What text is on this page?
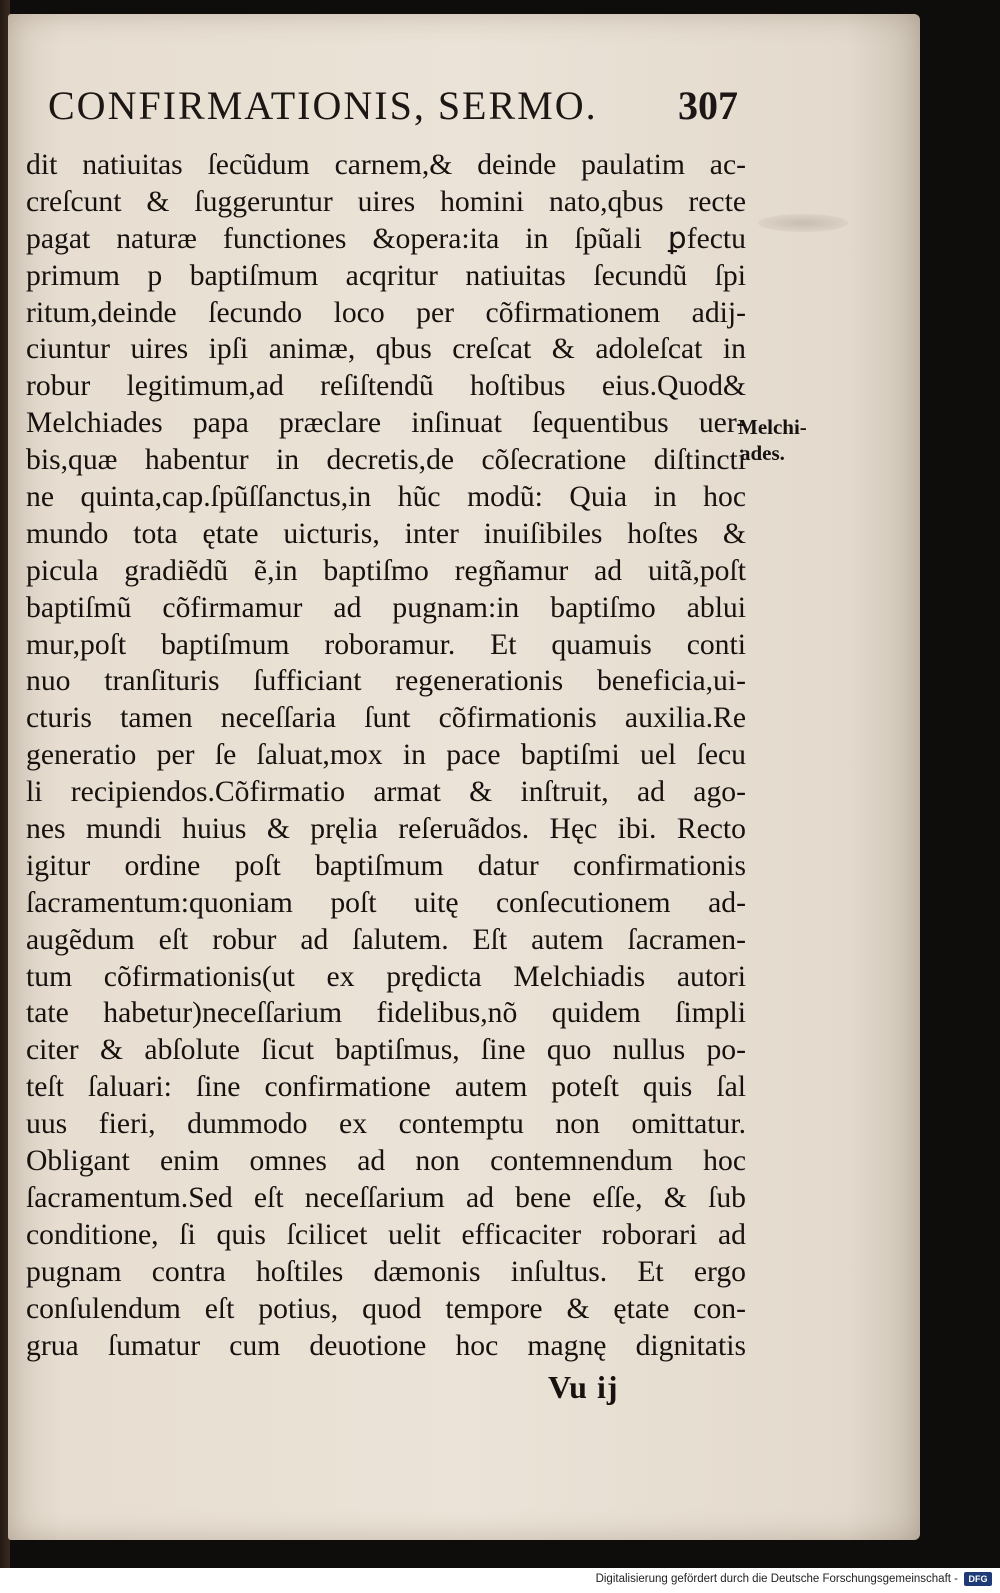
CONFIRMATIONIS, SERMO. 307
dit natiuitas ſecũdum carnem,& deinde paulatim ac-
creſcunt & ſuggeruntur uires homini nato,qbus recte
pagat naturæ functiones &opera:ita in ſpũali ꝑfectu
primum p baptiſmum acqritur natiuitas ſecundũ ſpi
ritum,deinde ſecundo loco per cõfirmationem adij-
ciuntur uires ipſi animæ, qbus creſcat & adoleſcat in
robur legitimum,ad reſiſtendũ hoſtibus eius.Quod&
Melchiades papa præclare inſinuat ſequentibus uer-
bis,quæ habentur in decretis,de cõſecratione diſtincti
ne quinta,cap.ſpũſſanctus,in hũc modũ: Quia in hoc
mundo tota ętate uicturis, inter inuiſibiles hoſtes &
picula gradiẽdũ ẽ,in baptiſmo regñamur ad uitã,poſt
baptiſmũ cõfirmamur ad pugnam:in baptiſmo ablui
mur,poſt baptiſmum roboramur. Et quamuis conti
nuo tranſituris ſufficiant regenerationis beneficia,ui-
cturis tamen neceſſaria ſunt cõfirmationis auxilia.Re
generatio per ſe ſaluat,mox in pace baptiſmi uel ſecu
li recipiendos.Cõfirmatio armat & inſtruit, ad ago-
nes mundi huius & pręlia reſeruãdos. Hęc ibi. Recto
igitur ordine poſt baptiſmum datur confirmationis
ſacramentum:quoniam poſt uitę conſecutionem ad-
augẽdum eſt robur ad ſalutem. Eſt autem ſacramen-
tum cõfirmationis(ut ex prędicta Melchiadis autori
tate habetur)neceſſarium fidelibus,nõ quidem ſimpli
citer & abſolute ſicut baptiſmus, ſine quo nullus po-
teſt ſaluari: ſine confirmatione autem poteſt quis ſal
uus fieri, dummodo ex contemptu non omittatur.
Obligant enim omnes ad non contemnendum hoc
ſacramentum.Sed eſt neceſſarium ad bene eſſe, & ſub
conditione, ſi quis ſcilicet uelit efficaciter roborari ad
pugnam contra hoſtiles dæmonis inſultus. Et ergo
conſulendum eſt potius, quod tempore & ętate con-
grua ſumatur cum deuotione hoc magnę dignitatis
Melchi-
ades.
Vu ij
Digitalisierung gefördert durch die Deutsche Forschungsgemeinschaft -	DFG
